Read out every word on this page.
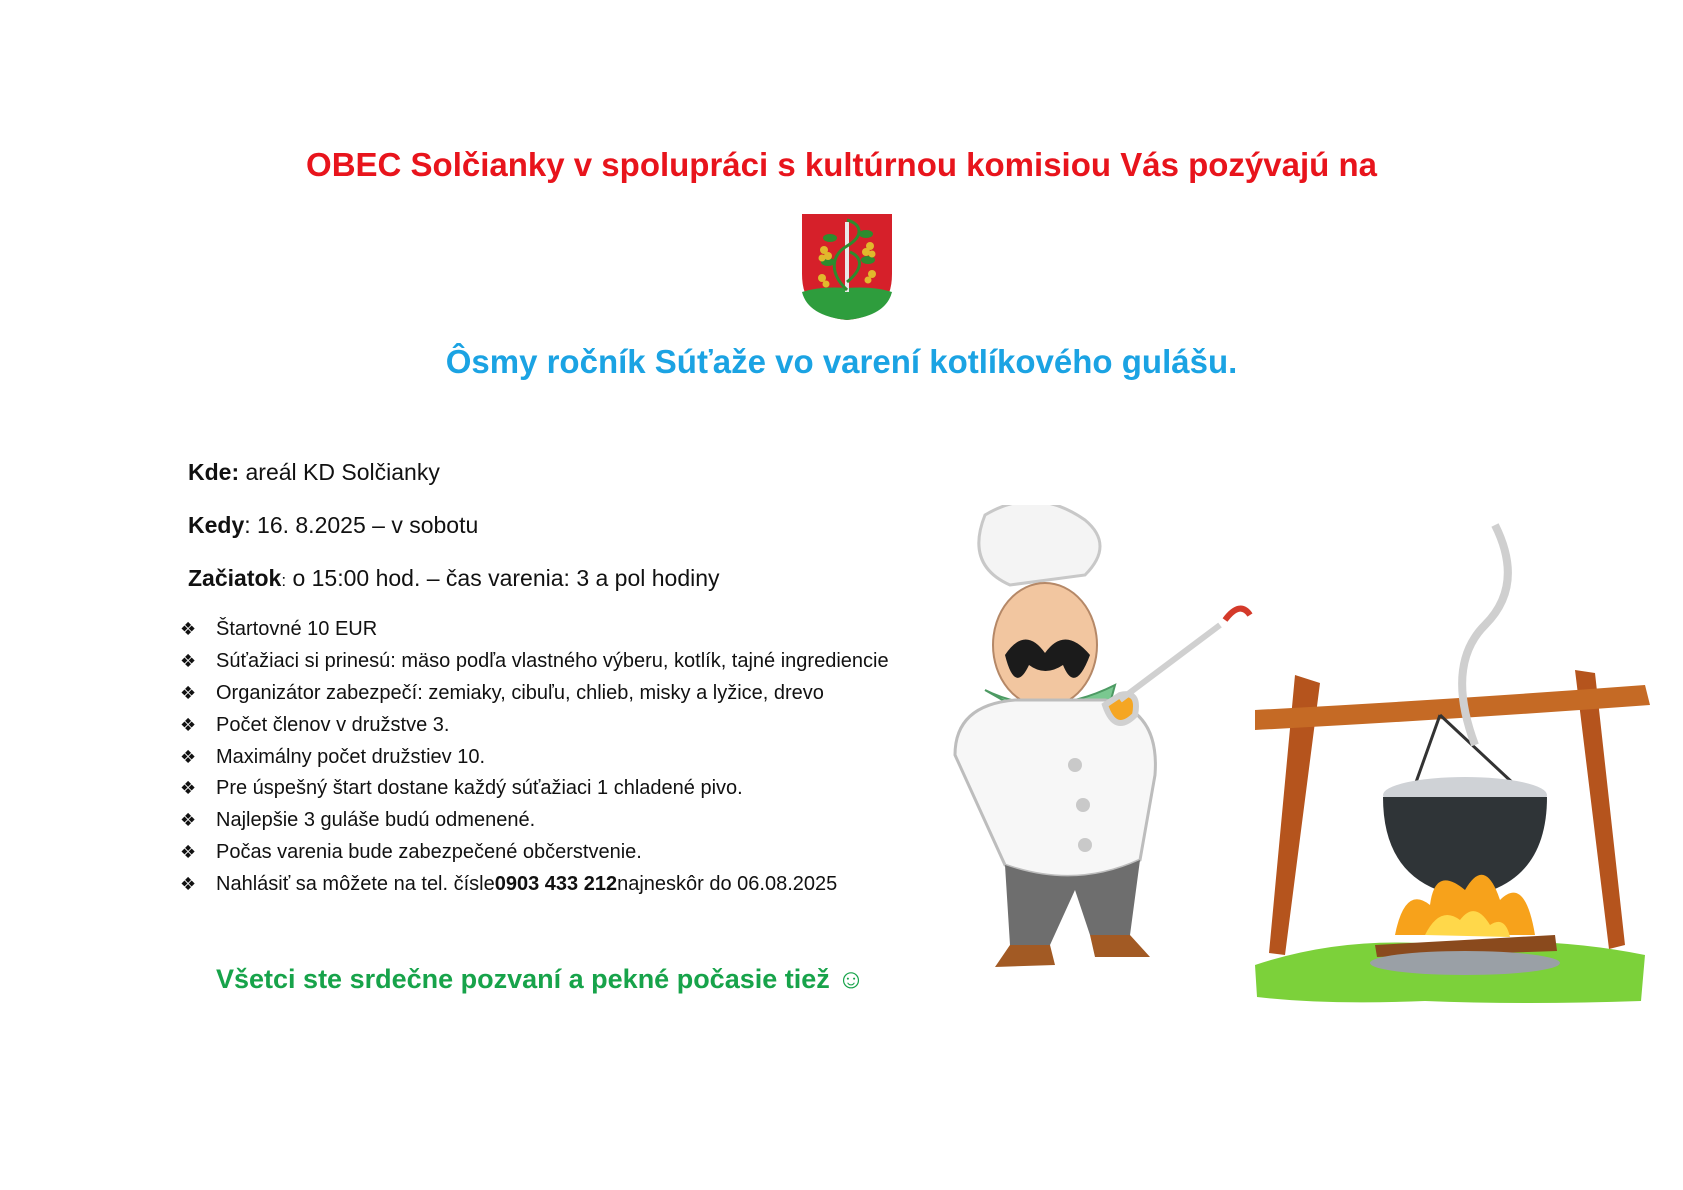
OBEC Solčianky v spolupráci s kultúrnou komisiou Vás pozývajú na
Ôsmy ročník Súťaže vo varení kotlíkového gulášu.
Kde: areál KD Solčianky
Kedy: 16. 8.2025 – v sobotu
Začiatok: o 15:00 hod. – čas varenia: 3 a pol hodiny
❖ Štartovné 10 EUR
❖ Súťažiaci si prinesú: mäso podľa vlastného výberu, kotlík, tajné ingrediencie
❖ Organizátor zabezpečí: zemiaky, cibuľu, chlieb, misky a lyžice, drevo
❖ Počet členov v družstve 3.
❖ Maximálny počet družstiev 10.
❖ Pre úspešný štart dostane každý súťažiaci 1 chladené pivo.
❖ Najlepšie 3 guláše budú odmenené.
❖ Počas varenia bude zabezpečené občerstvenie.
❖ Nahlásiť sa môžete na tel. čísle 0903 433 212 najneskôr do 06.08.2025
Všetci ste srdečne pozvaní a pekné počasie tiež ☺
